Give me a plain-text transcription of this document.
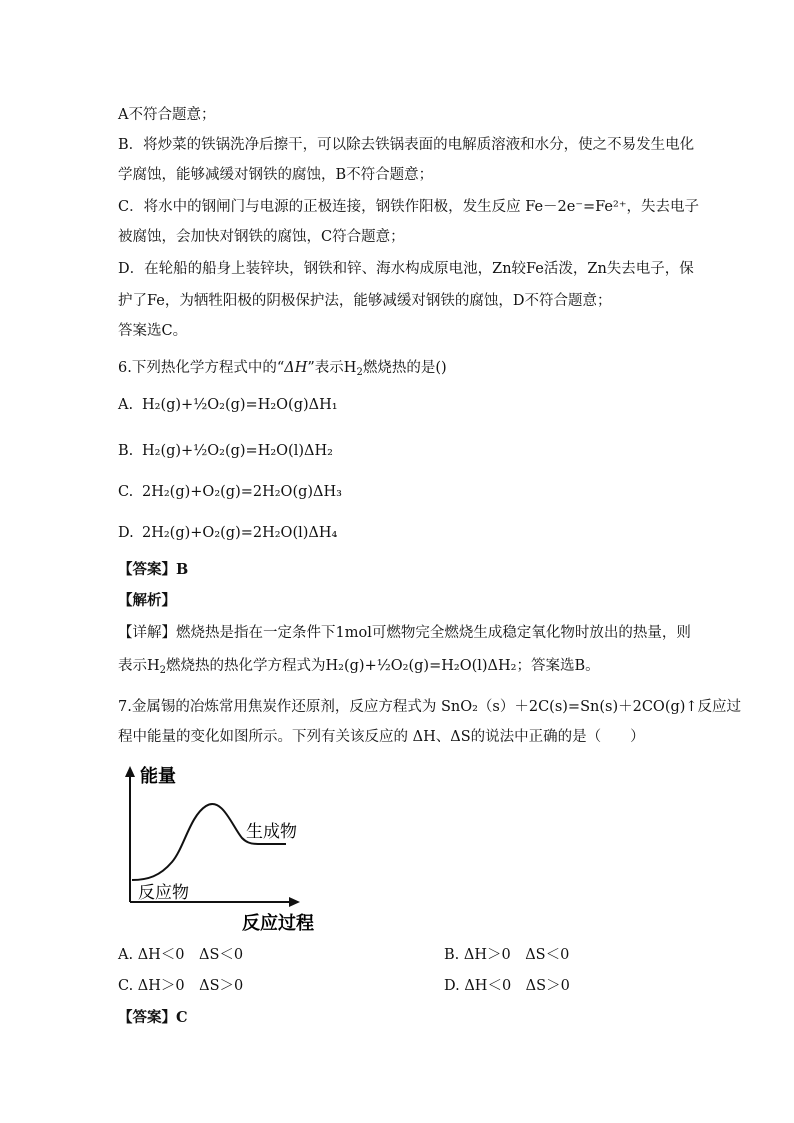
A不符合题意；
B．将炒菜的铁锅洗净后擦干，可以除去铁锅表面的电解质溶液和水分，使之不易发生电化
学腐蚀，能够减缓对钢铁的腐蚀，B不符合题意；
C．将水中的钢闸门与电源的正极连接，钢铁作阳极，发生反应 Fe－2e⁻=Fe²⁺，失去电子
被腐蚀，会加快对钢铁的腐蚀，C符合题意；
D．在轮船的船身上装锌块，钢铁和锌、海水构成原电池，Zn较Fe活泼，Zn失去电子，保
护了Fe，为牺牲阳极的阴极保护法，能够减缓对钢铁的腐蚀，D不符合题意；
答案选C。
6.下列热化学方程式中的“ΔH”表示$H_2$燃烧热的是()
A. H₂(g)+½O₂(g)=H₂O(g)ΔH₁
B. H₂(g)+½O₂(g)=H₂O(l)ΔH₂
C. 2H₂(g)+O₂(g)=2H₂O(g)ΔH₃
D. 2H₂(g)+O₂(g)=2H₂O(l)ΔH₄
【答案】B
【解析】
【详解】燃烧热是指在一定条件下1mol可燃物完全燃烧生成稳定氧化物时放出的热量，则
表示$H_2$燃烧热的热化学方程式为H₂(g)+½O₂(g)=H₂O(l)ΔH₂；答案选B。
7.金属锡的冶炼常用焦炭作还原剂，反应方程式为 SnO₂（s）＋2C(s)=Sn(s)＋2CO(g)↑反应过
程中能量的变化如图所示。下列有关该反应的 ΔH、ΔS的说法中正确的是（　　）
能量
反应过程
反应物
生成物
A. ΔH＜0　ΔS＜0	B. ΔH＞0　ΔS＜0
C. ΔH＞0　ΔS＞0	D. ΔH＜0　ΔS＞0
【答案】C
